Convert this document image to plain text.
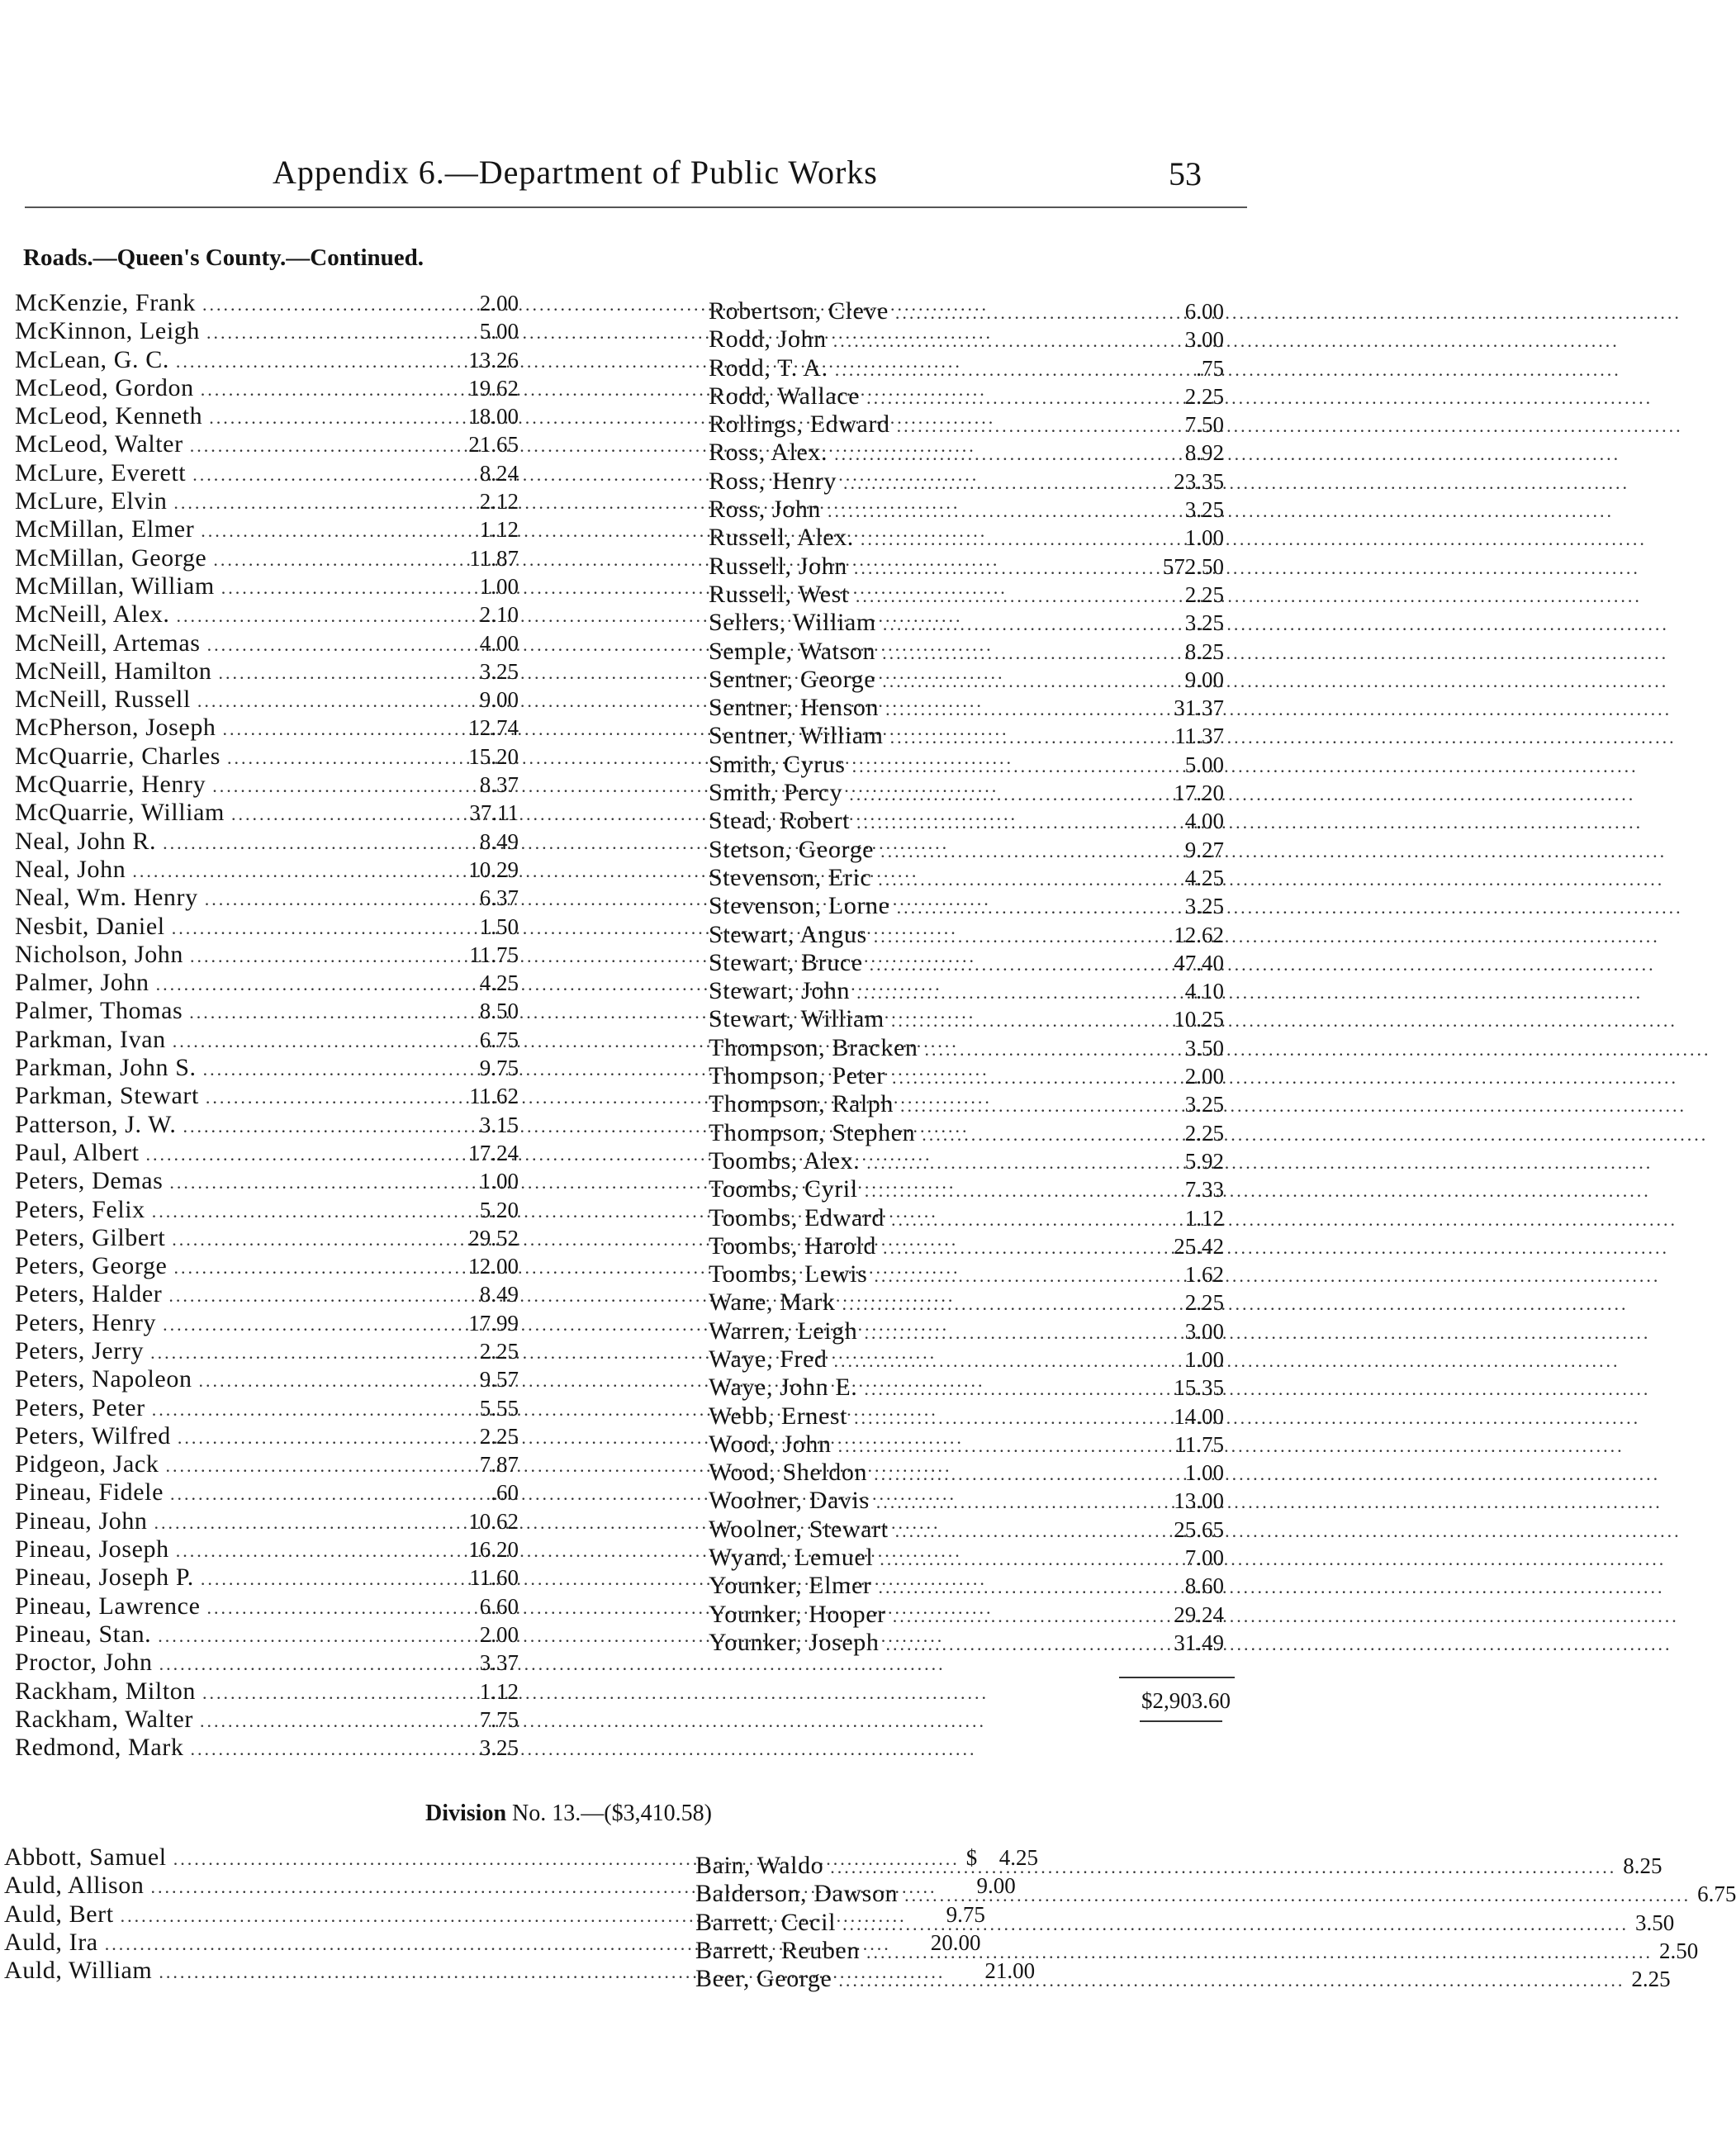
Appendix 6.—Department of Public Works	53
Roads.—Queen's County.—Continued.
McKenzie, Frank .....	2.00
McKinnon, Leigh .....	5.00
McLean, G. C. .....	13.26
McLeod, Gordon .....	19.62
McLeod, Kenneth .....	18.00
McLeod, Walter .....	21.65
McLure, Everett .....	8.24
McLure, Elvin .....	2.12
McMillan, Elmer .....	1.12
McMillan, George .....	11.87
McMillan, William .....	1.00
McNeill, Alex. .....	2.10
McNeill, Artemas .....	4.00
McNeill, Hamilton .....	3.25
McNeill, Russell .....	9.00
McPherson, Joseph .....	12.74
McQuarrie, Charles .....	15.20
McQuarrie, Henry .....	8.37
McQuarrie, William .....	37.11
Neal, John R. .....	8.49
Neal, John .....	10.29
Neal, Wm. Henry .....	6.37
Nesbit, Daniel .....	1.50
Nicholson, John .....	11.75
Palmer, John .....	4.25
Palmer, Thomas .....	8.50
Parkman, Ivan .....	6.75
Parkman, John S. .....	9.75
Parkman, Stewart .....	11.62
Patterson, J. W. .....	3.15
Paul, Albert .....	17.24
Peters, Demas .....	1.00
Peters, Felix .....	5.20
Peters, Gilbert .....	29.52
Peters, George .....	12.00
Peters, Halder .....	8.49
Peters, Henry .....	17.99
Peters, Jerry .....	2.25
Peters, Napoleon .....	9.57
Peters, Peter .....	5.55
Peters, Wilfred .....	2.25
Pidgeon, Jack .....	7.87
Pineau, Fidele .....	.60
Pineau, John .....	10.62
Pineau, Joseph .....	16.20
Pineau, Joseph P. .....	11.60
Pineau, Lawrence .....	6.60
Pineau, Stan. .....	2.00
Proctor, John .....	3.37
Rackham, Milton .....	1.12
Rackham, Walter .....	7.75
Redmond, Mark .....	3.25
Robertson, Cleve .....	6.00
Rodd, John .....	3.00
Rodd, T. A. .....	.75
Rodd, Wallace .....	2.25
Rollings, Edward .....	7.50
Ross, Alex. .....	8.92
Ross, Henry .....	23.35
Ross, John .....	3.25
Russell, Alex. .....	1.00
Russell, John .....	572.50
Russell, West .....	2.25
Sellers, William .....	3.25
Semple, Watson .....	8.25
Sentner, George .....	9.00
Sentner, Henson .....	31.37
Sentner, William .....	11.37
Smith, Cyrus .....	5.00
Smith, Percy .....	17.20
Stead, Robert .....	4.00
Stetson, George .....	9.27
Stevenson, Eric .....	4.25
Stevenson, Lorne .....	3.25
Stewart, Angus .....	12.62
Stewart, Bruce .....	47.40
Stewart, John .....	4.10
Stewart, William .....	10.25
Thompson, Bracken .....	3.50
Thompson, Peter .....	2.00
Thompson, Ralph .....	3.25
Thompson, Stephen .....	2.25
Toombs, Alex. .....	5.92
Toombs, Cyril .....	7.33
Toombs, Edward .....	1.12
Toombs, Harold .....	25.42
Toombs, Lewis .....	1.62
Wane, Mark .....	2.25
Warren, Leigh .....	3.00
Waye, Fred .....	1.00
Waye, John E. .....	15.35
Webb, Ernest .....	14.00
Wood, John .....	11.75
Wood, Sheldon .....	1.00
Woolner, Davis .....	13.00
Woolner, Stewart .....	25.65
Wyand, Lemuel .....	7.00
Younker, Elmer .....	8.60
Younker, Hooper .....	29.24
Younker, Joseph .....	31.49
$2,903.60
Division No. 13.—($3,410.58)
Abbott, Samuel .....	$ 4.25
Auld, Allison .....	9.00
Auld, Bert .....	9.75
Auld, Ira .....	20.00
Auld, William .....	21.00
Bain, Waldo .....	8.25
Balderson, Dawson .....	6.75
Barrett, Cecil .....	3.50
Barrett, Reuben .....	2.50
Beer, George .....	2.25
